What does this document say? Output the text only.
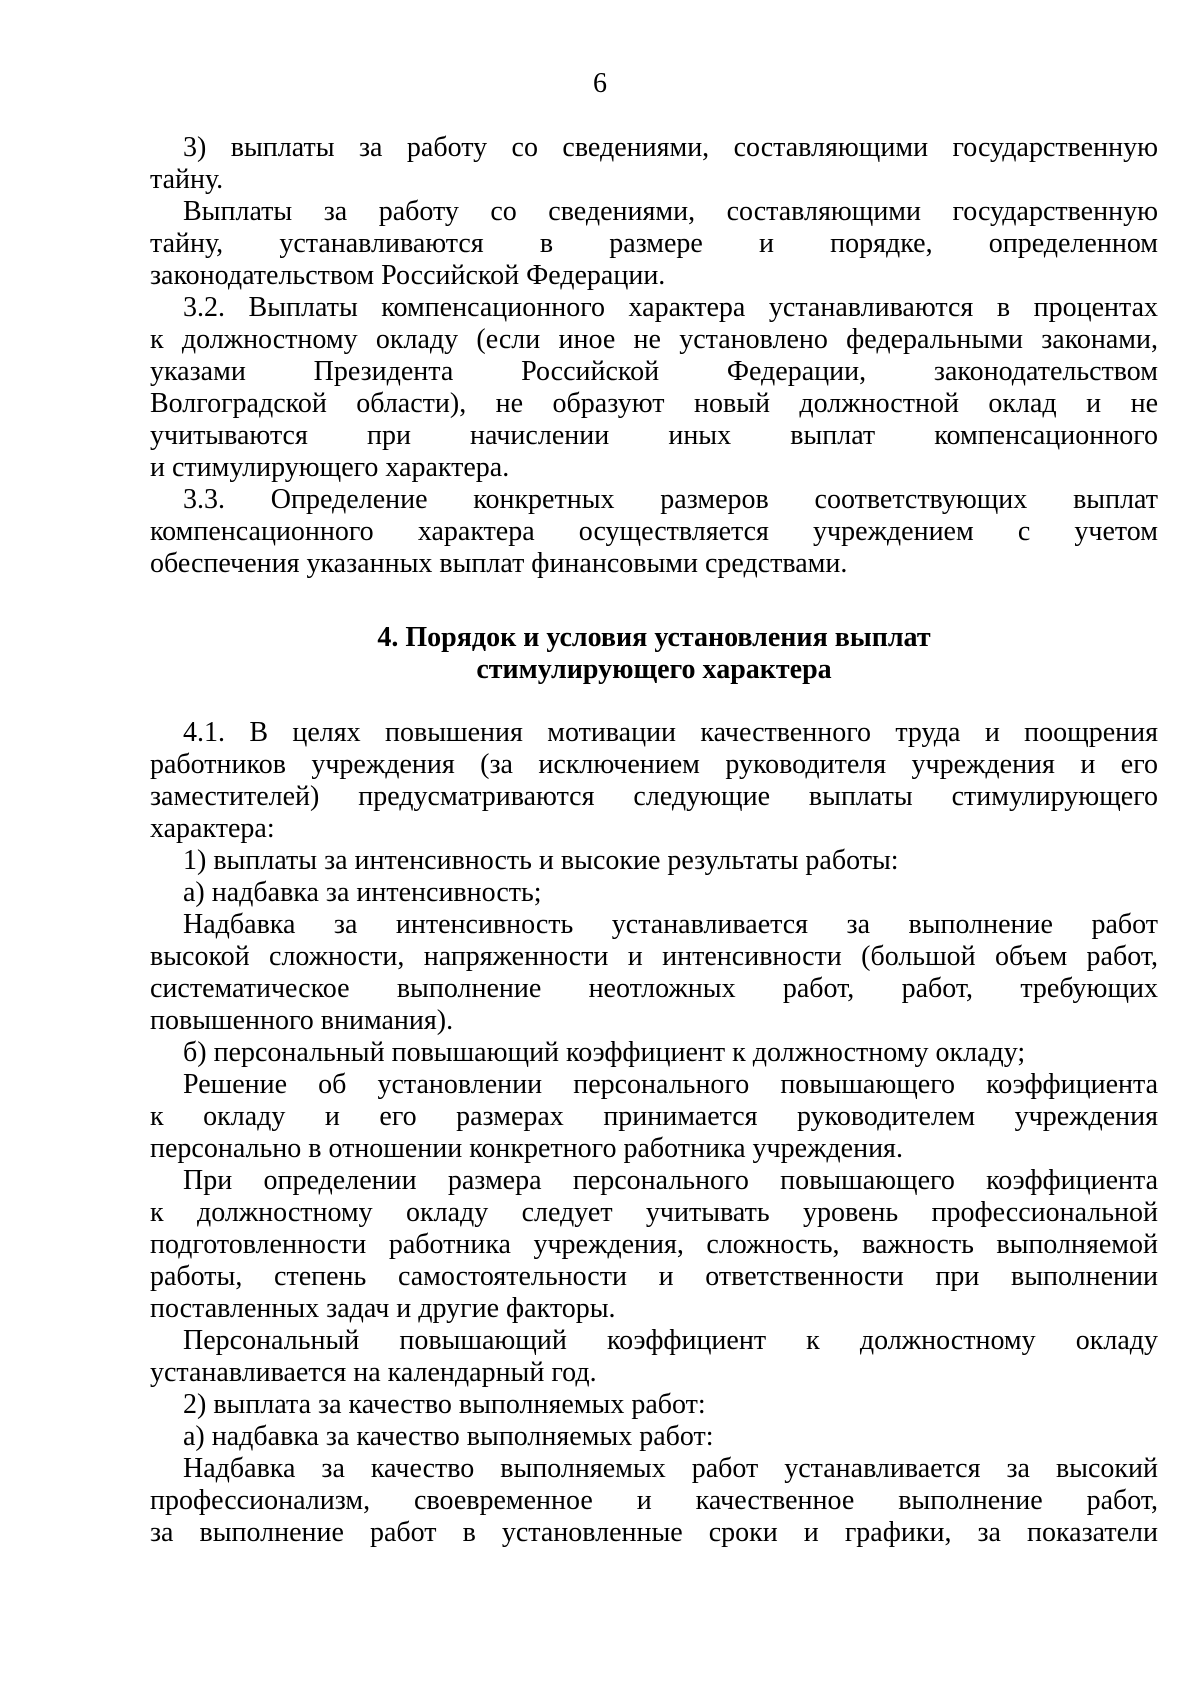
6

3) выплаты за работу со сведениями, составляющими государственную
тайну.

Выплаты за работу со сведениями, составляющими государственную
тайну, устанавливаются в размере и порядке, определенном
законодательством Российской Федерации.

3.2. Выплаты компенсационного характера устанавливаются в процентах
к должностному окладу (если иное не установлено федеральными законами,
указами Президента Российской Федерации, законодательством
Волгоградской области), не образуют новый должностной оклад и не
учитываются при начислении иных выплат компенсационного
и стимулирующего характера.

3.3. Определение конкретных размеров соответствующих выплат
компенсационного характера осуществляется учреждением с учетом
обеспечения указанных выплат финансовыми средствами.

4. Порядок и условия установления выплат
стимулирующего характера

4.1. В целях повышения мотивации качественного труда и поощрения
работников учреждения (за исключением руководителя учреждения и его
заместителей) предусматриваются следующие выплаты стимулирующего
характера:

1) выплаты за интенсивность и высокие результаты работы:

а) надбавка за интенсивность;

Надбавка за интенсивность устанавливается за выполнение работ
высокой сложности, напряженности и интенсивности (большой объем работ,
систематическое выполнение неотложных работ, работ, требующих
повышенного внимания).

б) персональный повышающий коэффициент к должностному окладу;

Решение об установлении персонального повышающего коэффициента
к окладу и его размерах принимается руководителем учреждения
персонально в отношении конкретного работника учреждения.

При определении размера персонального повышающего коэффициента
к должностному окладу следует учитывать уровень профессиональной
подготовленности работника учреждения, сложность, важность выполняемой
работы, степень самостоятельности и ответственности при выполнении
поставленных задач и другие факторы.

Персональный повышающий коэффициент к должностному окладу
устанавливается на календарный год.

2) выплата за качество выполняемых работ:

а) надбавка за качество выполняемых работ:

Надбавка за качество выполняемых работ устанавливается за высокий
профессионализм, своевременное и качественное выполнение работ,
за выполнение работ в установленные сроки и графики, за показатели
